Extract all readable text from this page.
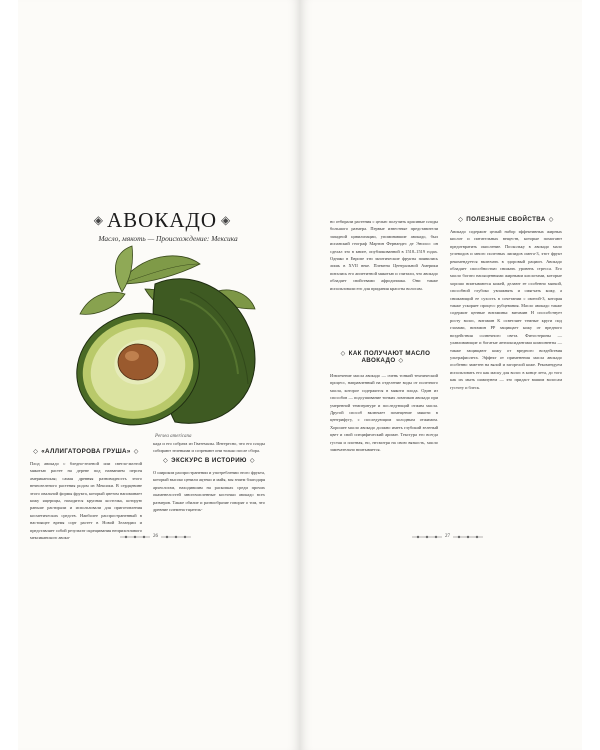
◈ АВОКАДО ◈
Масло, мякоть — Происхождение: Мексика
Persea americana
◇ «АЛЛИГАТОРОВА ГРУША» ◇
Плод авокадо с бледно-зеленой или светло-желтой мякотью растет на дереве под названием персея американская; самая древняя разновидность этого вечнозеленого растения родом из Мексики. В сердцевине этого овальной формы фрукта, который цветом напоминает кожу ящерицы, находится крупная косточка, которую раньше растирали и использовали для приготовления косметических средств. Наиболее распространенный в настоящее время сорт растет в Новой Зеландии и представляет собой результат скрещивания неприхотливого мексиканского авока-
када и его собрата из Гватемалы. Интересно, что его плоды собирают зелеными и созревают они только после сбора.
◇ ЭКСКУРС В ИСТОРИЮ ◇
О широком распространении и употреблении этого фрукта, который высоко ценили ацтеки и майя, мы знаем благодаря археологам, находившим на раскопках среди прочих окаменелостей многочисленные косточки авокадо всех размеров. Также обилие и разнообразие говорят о том, что древние племена тщатель-
26
но отбирали растения с целью получить красивые плоды большого размера. Первые известные представители западной цивилизации, упоминавшие авокадо, был испанский географ Мартин Фернандес де Энсисо: он сделал это в книге, опубликованной в 1518–1519 годах. Однако в Европе эти экзотические фрукты появились лишь в XVII веке. Племена Центральной Америки питались его аппетитной мякотью и считали, что авокадо обладает свойствами афродизиака. Они также использовали его для придания красоты волосам.
◇ КАК ПОЛУЧАЮТ МАСЛО АВОКАДО ◇
Извлечение масла авокадо — очень тонкий технический процесс, направленный на отделение воды от полезного масла, которое содержится в мякоти плода. Один из способов — подсушивание тонких ломтиков авокадо при умеренной температуре и последующий отжим масла. Другой способ включает помещение мякоти в центрифугу, с последующим холодным отжимом. Хорошее масло авокадо должно иметь глубокий зеленый цвет и свой специфический аромат. Текстура его всегда густая и плотная, но, несмотря на свою вязкость, масло замечательно впитывается.
◇ ПОЛЕЗНЫЕ СВОЙСТВА ◇
Авокадо содержит целый набор эффективных жирных кислот и питательных веществ, которые помогают предотвратить окисление. Поскольку в авокадо мало углеводов и много полезных липидов омега-3, этот фрукт рекомендуется включать в здоровый рацион. Авокадо обладает способностью снижать уровень стресса. Его масло богато насыщенными жирными кислотами, которые хорошо впитываются кожей, делают ее особенно мягкой, способной глубоко увлажнять и смягчать кожу, а снижающий ее сухость в сочетании с омегой-3, которая также ускоряет процесс рубцевания. Масло авокадо также содержит ценные витамины: витамин H способствует росту волос, витамин K осветляет темные круги под глазами, витамин PP защищает кожу от вредного воздействия солнечного света. Фитостерины — улавливающие и богатые антиоксидантами компоненты — также защищают кожу от вредного воздействия ультрафиолета. Эффект от применения масла авокадо особенно заметен на вялой и загорелой коже. Рекомендуем использовать его как маску для волос в конце лета, до того как их мыть шампунем — это придаст вашим волосам густоту и блеск.
27
